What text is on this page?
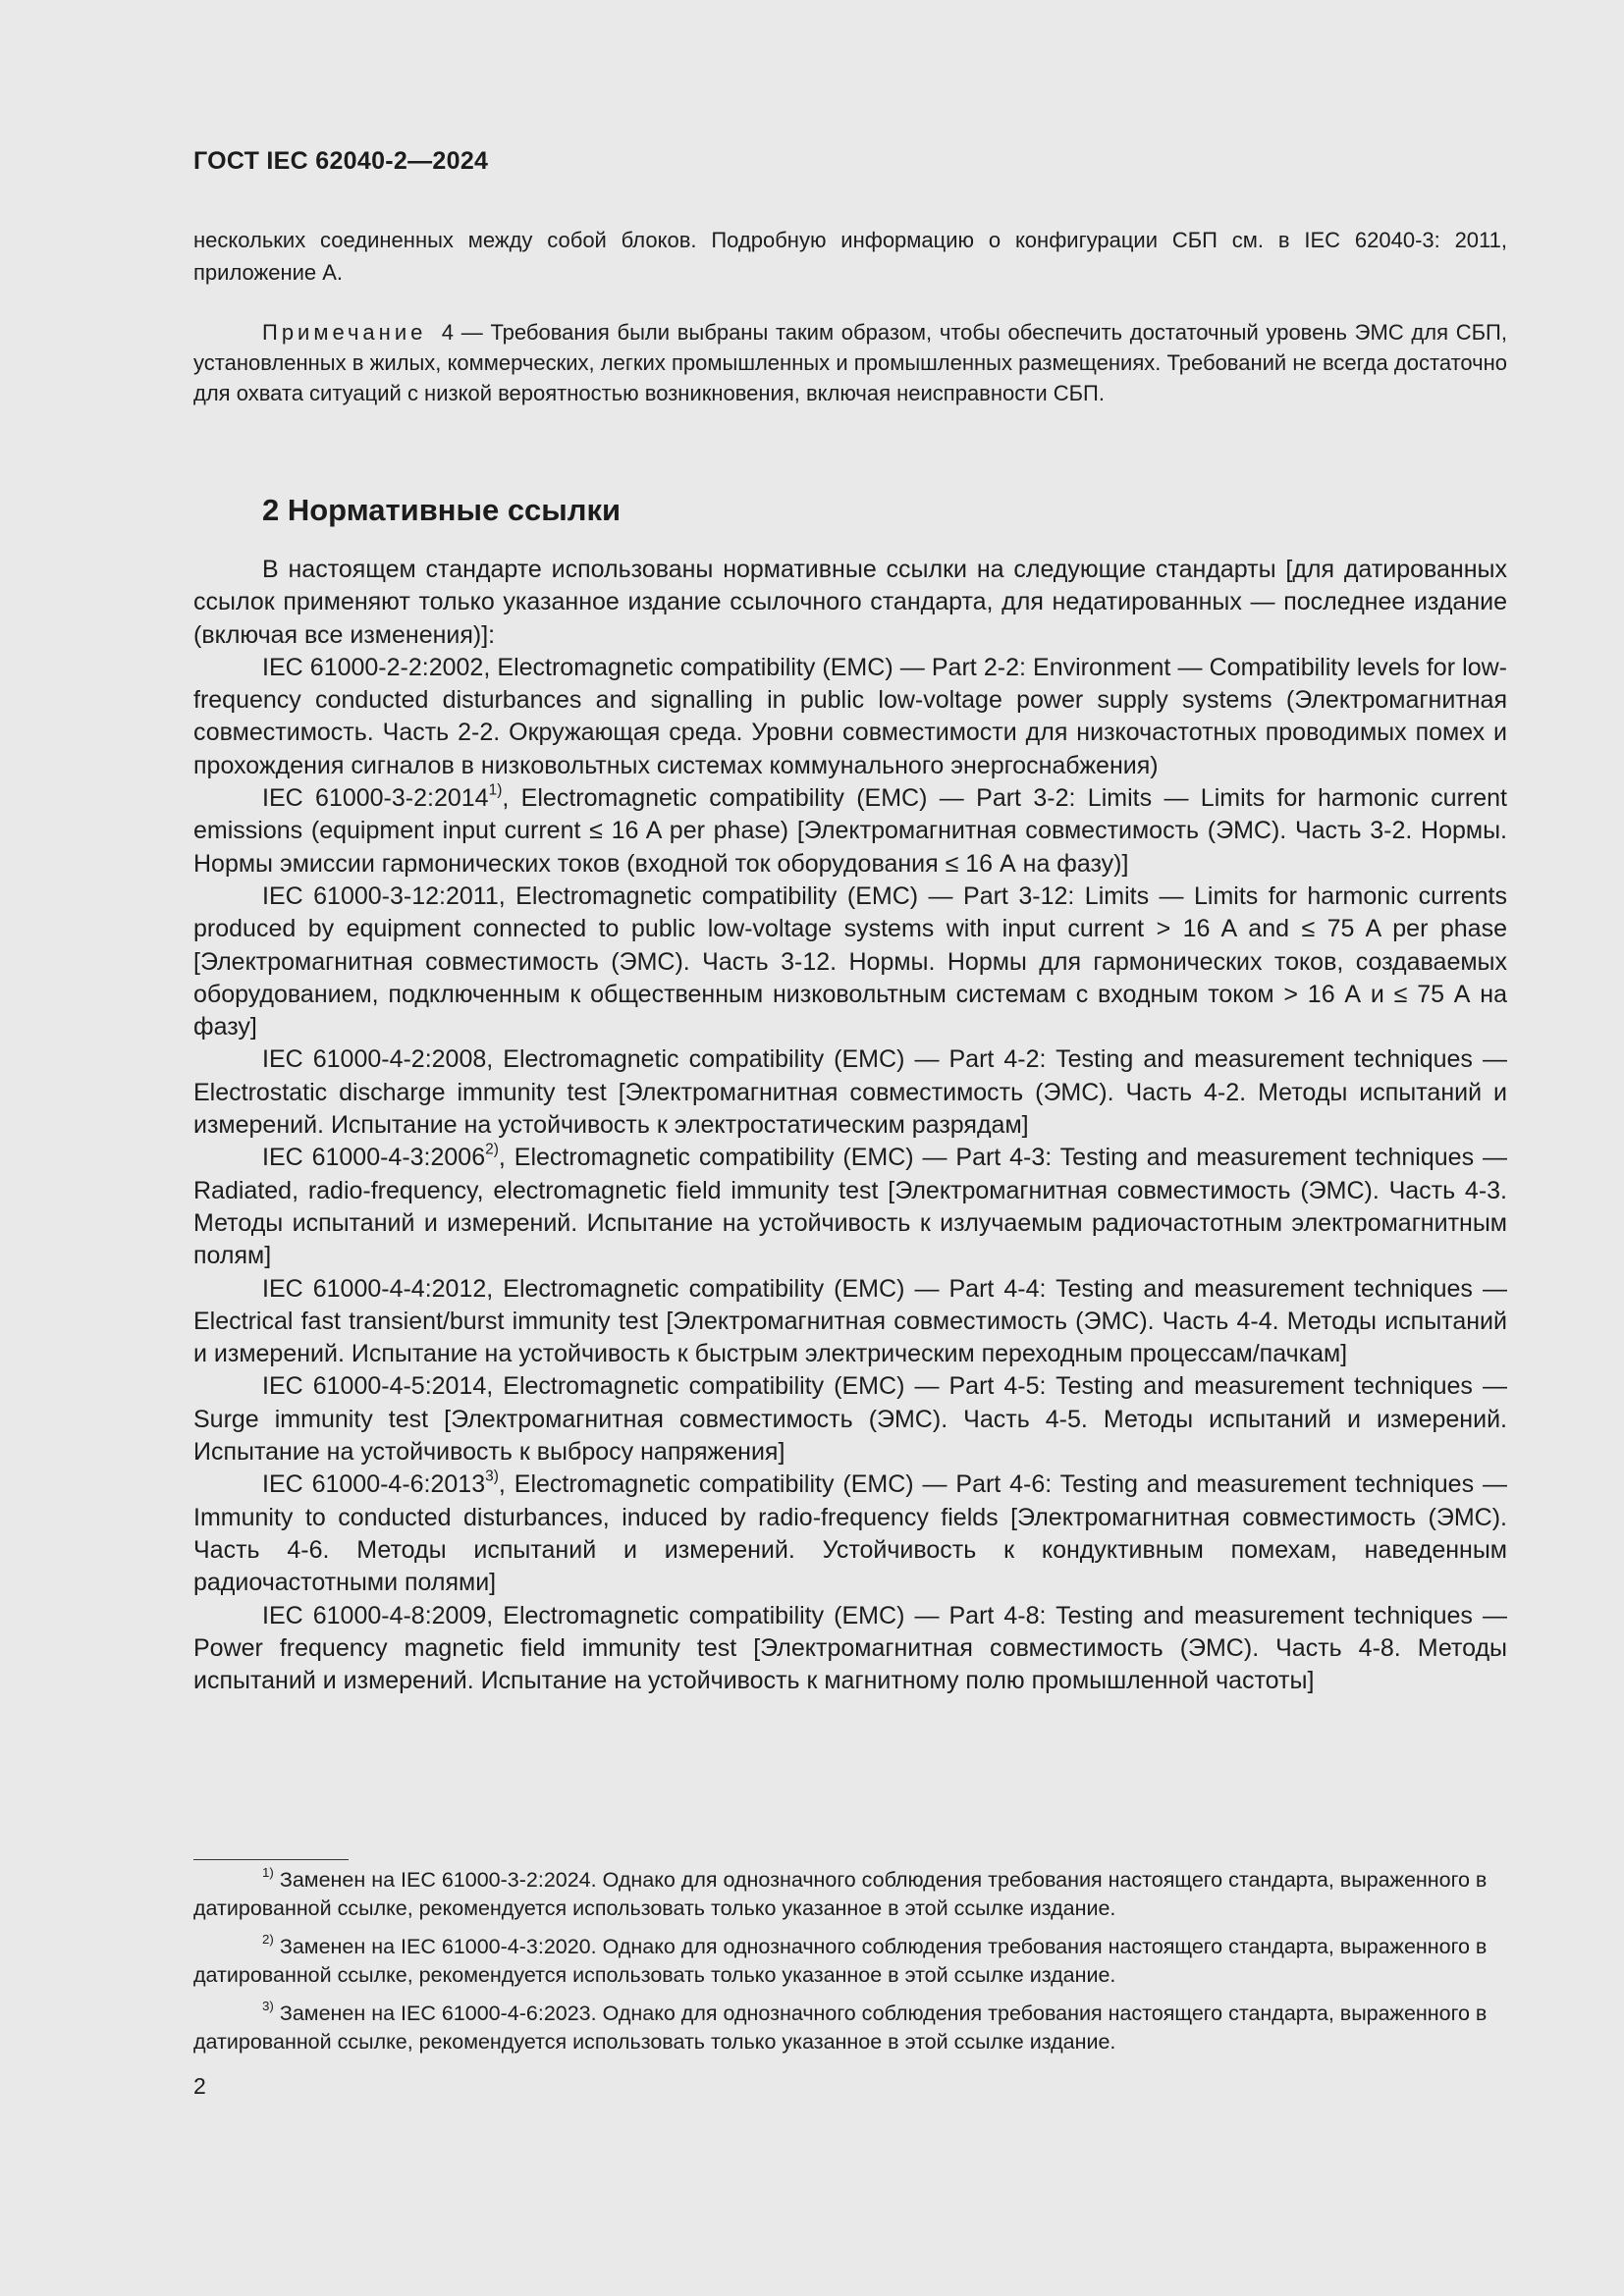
ГОСТ IEC 62040-2—2024

нескольких соединенных между собой блоков. Подробную информацию о конфигурации СБП см. в IEC 62040-3: 2011, приложение А.

Примечание 4 — Требования были выбраны таким образом, чтобы обеспечить достаточный уровень ЭМС для СБП, установленных в жилых, коммерческих, легких промышленных и промышленных размещениях. Требований не всегда достаточно для охвата ситуаций с низкой вероятностью возникновения, включая неисправности СБП.

2 Нормативные ссылки

В настоящем стандарте использованы нормативные ссылки на следующие стандарты [для датированных ссылок применяют только указанное издание ссылочного стандарта, для недатированных — последнее издание (включая все изменения)]:

IEC 61000-2-2:2002, Electromagnetic compatibility (EMC) — Part 2-2: Environment — Compatibility levels for low-frequency conducted disturbances and signalling in public low-voltage power supply systems (Электромагнитная совместимость. Часть 2-2. Окружающая среда. Уровни совместимости для низкочастотных проводимых помех и прохождения сигналов в низковольтных системах коммунального энергоснабжения)

IEC 61000-3-2:2014$^{1)}$, Electromagnetic compatibility (EMC) — Part 3-2: Limits — Limits for harmonic current emissions (equipment input current ≤ 16 A per phase) [Электромагнитная совместимость (ЭМС). Часть 3-2. Нормы. Нормы эмиссии гармонических токов (входной ток оборудования ≤ 16 А на фазу)]

IEC 61000-3-12:2011, Electromagnetic compatibility (EMC) — Part 3-12: Limits — Limits for harmonic currents produced by equipment connected to public low-voltage systems with input current > 16 A and ≤ 75 A per phase [Электромагнитная совместимость (ЭМС). Часть 3-12. Нормы. Нормы для гармонических токов, создаваемых оборудованием, подключенным к общественным низковольтным системам с входным током > 16 А и ≤ 75 А на фазу]

IEC 61000-4-2:2008, Electromagnetic compatibility (EMC) — Part 4-2: Testing and measurement techniques — Electrostatic discharge immunity test [Электромагнитная совместимость (ЭМС). Часть 4-2. Методы испытаний и измерений. Испытание на устойчивость к электростатическим разрядам]

IEC 61000-4-3:2006$^{2)}$, Electromagnetic compatibility (EMC) — Part 4-3: Testing and measurement techniques — Radiated, radio-frequency, electromagnetic field immunity test [Электромагнитная совместимость (ЭМС). Часть 4-3. Методы испытаний и измерений. Испытание на устойчивость к излучаемым радиочастотным электромагнитным полям]

IEC 61000-4-4:2012, Electromagnetic compatibility (EMC) — Part 4-4: Testing and measurement techniques — Electrical fast transient/burst immunity test [Электромагнитная совместимость (ЭМС). Часть 4-4. Методы испытаний и измерений. Испытание на устойчивость к быстрым электрическим переходным процессам/пачкам]

IEC 61000-4-5:2014, Electromagnetic compatibility (EMC) — Part 4-5: Testing and measurement techniques — Surge immunity test [Электромагнитная совместимость (ЭМС). Часть 4-5. Методы испытаний и измерений. Испытание на устойчивость к выбросу напряжения]

IEC 61000-4-6:2013$^{3)}$, Electromagnetic compatibility (EMC) — Part 4-6: Testing and measurement techniques — Immunity to conducted disturbances, induced by radio-frequency fields [Электромагнитная совместимость (ЭМС). Часть 4-6. Методы испытаний и измерений. Устойчивость к кондуктивным помехам, наведенным радиочастотными полями]

IEC 61000-4-8:2009, Electromagnetic compatibility (EMC) — Part 4-8: Testing and measurement techniques — Power frequency magnetic field immunity test [Электромагнитная совместимость (ЭМС). Часть 4-8. Методы испытаний и измерений. Испытание на устойчивость к магнитному полю промышленной частоты]

$^{1)}$ Заменен на IEC 61000-3-2:2024. Однако для однозначного соблюдения требования настоящего стандарта, выраженного в датированной ссылке, рекомендуется использовать только указанное в этой ссылке издание.

$^{2)}$ Заменен на IEC 61000-4-3:2020. Однако для однозначного соблюдения требования настоящего стандарта, выраженного в датированной ссылке, рекомендуется использовать только указанное в этой ссылке издание.

$^{3)}$ Заменен на IEC 61000-4-6:2023. Однако для однозначного соблюдения требования настоящего стандарта, выраженного в датированной ссылке, рекомендуется использовать только указанное в этой ссылке издание.

2
